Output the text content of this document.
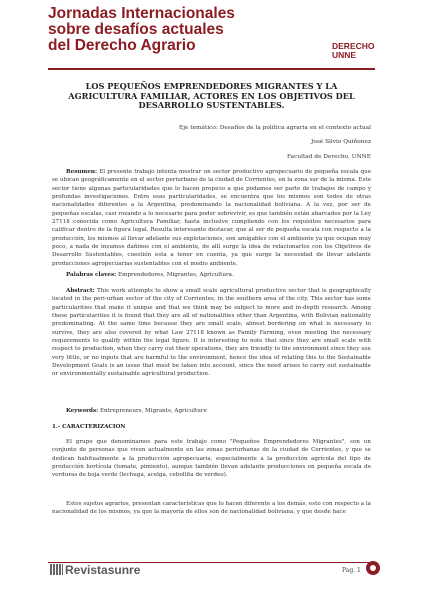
Jornadas Internacionales
sobre desafíos actuales
del Derecho Agrario	DERECHO
UNNE
LOS PEQUEÑOS EMPRENDEDORES MIGRANTES Y LA AGRICULTURA FAMILIAR, ACTORES EN LOS OBJETIVOS DEL DESARROLLO SUSTENTABLES.
Eje temático: Desafíos de la política agraria en el contexto actual
José Silvio Quiñonez
Facultad de Derecho, UNNE
Resumen: El presente trabajo intenta mostrar un sector productivo agropecuario de pequeña escala que se ubican geográficamente en el sector periurbano de la ciudad de Corrientes, en la zona sur de la misma. Este sector tiene algunas particularidades que lo hacen propicio a que podamos ser parte de trabajos de campo y profundas investigaciones. Entre esas particularidades, se encuentra que los mismos son todos de otras nacionalidades diferentes a la Argentina, predominando la nacionalidad boliviana. A la vez, por ser de pequeñas escalas, casi rozando a lo necesario para poder sobrevivir, es que también están abarcados por la Ley 27118 conocida como Agricultura Familiar, hasta inclusive cumpliendo con los requisitos necesarios para calificar dentro de la figura legal. Resulta interesante destacar, que al ser de pequeña escala con respecto a la producción, los mismos al llevar adelante sus explotaciones, son amigables con el ambiente ya que ocupan muy poco, a nada de insumos dañinos con el ambiente, de allí surge la idea de relacionarlos con los Objetivos de Desarrollo Sustentables, cuestión esta a tener en cuenta, ya que surge la necesidad de llevar adelante producciones agropecuarias sustentables con el medio ambiente.
Palabras claves: Emprendedores, Migrantes, Agricultura.
Abstract: This work attempts to show a small scale agricultural productive sector that is geographically located in the peri-urban sector of the city of Corrientes, in the southern area of the city. This sector has some particularities that make it unique and that we think may be subject to more and in-depth research. Among these particularities it is found that they are all of nationalities other than Argentina, with Bolivian nationality predominating. At the same time because they are small scale, almost bordering on what is necessary to survive, they are also covered by what Law 27118 known as Family Farming, even meeting the necessary requirements to qualify within the legal figure. It is interesting to note that since they are small scale with respect to production, when they carry out their operations, they are friendly to the environment since they use very little, or no inputs that are harmful to the environment, hence the idea of relating this to the Sustainable Development Goals is an issue that must be taken into account, since the need arises to carry out sustainable or environmentally sustainable agricultural production.
Keywords: Entrepreneurs, Migrants, Agriculture
1.- CARACTERIZACION
El grupo que denominamos para este trabajo como "Pequeños Emprendedores Migrantes", son un conjunto de personas que viven actualmente en las zonas periurbanas de la ciudad de Corrientes, y que se dedican habitualmente a la producción agropecuaria, especialmente a la producción agrícola del tipo de producción hortícola (tomate, pimiento), aunque también llevan adelante producciones en pequeña escala de verduras de hoja verde (lechuga, acelga, cebollita de verdeo).
Estos sujetos agrarios, presentan características que lo hacen diferente a los demás, esto con respecto a la nacionalidad de los mismos, ya que la mayoría de ellos son de nacionalidad boliviana, y que desde hace
Revistasunre	Pag. 1
